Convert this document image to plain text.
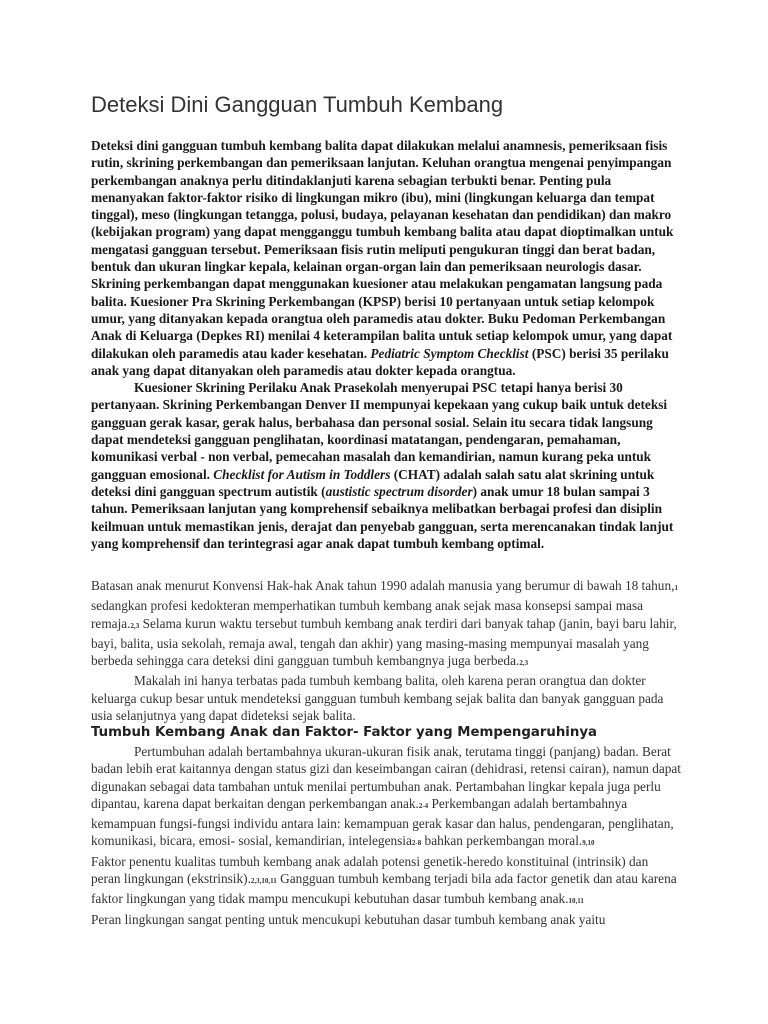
Deteksi Dini Gangguan Tumbuh Kembang

Deteksi dini gangguan tumbuh kembang balita dapat dilakukan melalui anamnesis, pemeriksaan fisis rutin, skrining perkembangan dan pemeriksaan lanjutan. Keluhan orangtua mengenai penyimpangan perkembangan anaknya perlu ditindaklanjuti karena sebagian terbukti benar. Penting pula menanyakan faktor-faktor risiko di lingkungan mikro (ibu), mini (lingkungan keluarga dan tempat tinggal), meso (lingkungan tetangga, polusi, budaya, pelayanan kesehatan dan pendidikan) dan makro (kebijakan program) yang dapat mengganggu tumbuh kembang balita atau dapat dioptimalkan untuk mengatasi gangguan tersebut. Pemeriksaan fisis rutin meliputi pengukuran tinggi dan berat badan, bentuk dan ukuran lingkar kepala, kelainan organ-organ lain dan pemeriksaan neurologis dasar. Skrining perkembangan dapat menggunakan kuesioner atau melakukan pengamatan langsung pada balita. Kuesioner Pra Skrining Perkembangan (KPSP) berisi 10 pertanyaan untuk setiap kelompok umur, yang ditanyakan kepada orangtua oleh paramedis atau dokter. Buku Pedoman Perkembangan Anak di Keluarga (Depkes RI) menilai 4 keterampilan balita untuk setiap kelompok umur, yang dapat dilakukan oleh paramedis atau kader kesehatan. Pediatric Symptom Checklist (PSC) berisi 35 perilaku anak yang dapat ditanyakan oleh paramedis atau dokter kepada orangtua.

Kuesioner Skrining Perilaku Anak Prasekolah menyerupai PSC tetapi hanya berisi 30 pertanyaan. Skrining Perkembangan Denver II mempunyai kepekaan yang cukup baik untuk deteksi gangguan gerak kasar, gerak halus, berbahasa dan personal sosial. Selain itu secara tidak langsung dapat mendeteksi gangguan penglihatan, koordinasi matatangan, pendengaran, pemahaman, komunikasi verbal - non verbal, pemecahan masalah dan kemandirian, namun kurang peka untuk gangguan emosional. Checklist for Autism in Toddlers (CHAT) adalah salah satu alat skrining untuk deteksi dini gangguan spectrum autistik (austistic spectrum disorder) anak umur 18 bulan sampai 3 tahun. Pemeriksaan lanjutan yang komprehensif sebaiknya melibatkan berbagai profesi dan disiplin keilmuan untuk memastikan jenis, derajat dan penyebab gangguan, serta merencanakan tindak lanjut yang komprehensif dan terintegrasi agar anak dapat tumbuh kembang optimal.

Batasan anak menurut Konvensi Hak-hak Anak tahun 1990 adalah manusia yang berumur di bawah 18 tahun,1 sedangkan profesi kedokteran memperhatikan tumbuh kembang anak sejak masa konsepsi sampai masa remaja.2,3 Selama kurun waktu tersebut tumbuh kembang anak terdiri dari banyak tahap (janin, bayi baru lahir, bayi, balita, usia sekolah, remaja awal, tengah dan akhir) yang masing-masing mempunyai masalah yang berbeda sehingga cara deteksi dini gangguan tumbuh kembangnya juga berbeda.2,3

Makalah ini hanya terbatas pada tumbuh kembang balita, oleh karena peran orangtua dan dokter keluarga cukup besar untuk mendeteksi gangguan tumbuh kembang sejak balita dan banyak gangguan pada usia selanjutnya yang dapat dideteksi sejak balita.

Tumbuh Kembang Anak dan Faktor- Faktor yang Mempengaruhinya

Pertumbuhan adalah bertambahnya ukuran-ukuran fisik anak, terutama tinggi (panjang) badan. Berat badan lebih erat kaitannya dengan status gizi dan keseimbangan cairan (dehidrasi, retensi cairan), namun dapat digunakan sebagai data tambahan untuk menilai pertumbuhan anak. Pertambahan lingkar kepala juga perlu dipantau, karena dapat berkaitan dengan perkembangan anak.2-4 Perkembangan adalah bertambahnya kemampuan fungsi-fungsi individu antara lain: kemampuan gerak kasar dan halus, pendengaran, penglihatan, komunikasi, bicara, emosi- sosial, kemandirian, intelegensia2-8 bahkan perkembangan moral.9,10

Faktor penentu kualitas tumbuh kembang anak adalah potensi genetik-heredo konstituinal (intrinsik) dan peran lingkungan (ekstrinsik).2,3,10,11 Gangguan tumbuh kembang terjadi bila ada factor genetik dan atau karena faktor lingkungan yang tidak mampu mencukupi kebutuhan dasar tumbuh kembang anak.10,11

Peran lingkungan sangat penting untuk mencukupi kebutuhan dasar tumbuh kembang anak yaitu
